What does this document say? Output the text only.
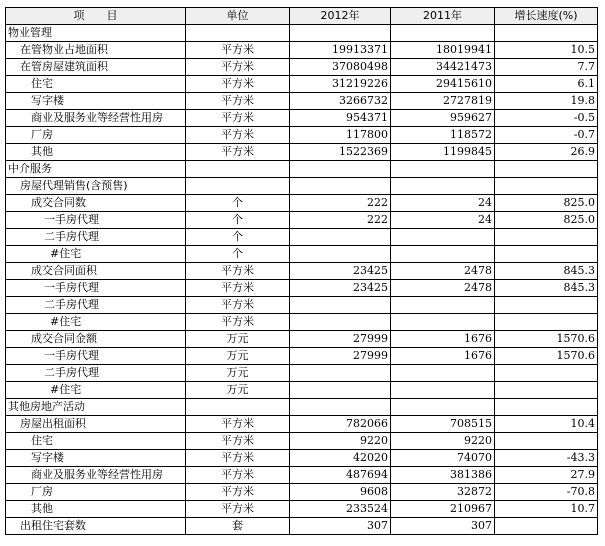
项　　目	单位	2012年	2011年	增长速度(%)
物业管理				
在管物业占地面积	平方米	19913371	18019941	10.5
在管房屋建筑面积	平方米	37080498	34421473	7.7
住宅	平方米	31219226	29415610	6.1
写字楼	平方米	3266732	2727819	19.8
商业及服务业等经营性用房	平方米	954371	959627	-0.5
厂房	平方米	117800	118572	-0.7
其他	平方米	1522369	1199845	26.9
中介服务				
房屋代理销售(含预售)				
成交合同数	个	222	24	825.0
一手房代理	个	222	24	825.0
二手房代理	个			
#住宅	个			
成交合同面积	平方米	23425	2478	845.3
一手房代理	平方米	23425	2478	845.3
二手房代理	平方米			
#住宅	平方米			
成交合同金额	万元	27999	1676	1570.6
一手房代理	万元	27999	1676	1570.6
二手房代理	万元			
#住宅	万元			
其他房地产活动				
房屋出租面积	平方米	782066	708515	10.4
住宅	平方米	9220	9220	
写字楼	平方米	42020	74070	-43.3
商业及服务业等经营性用房	平方米	487694	381386	27.9
厂房	平方米	9608	32872	-70.8
其他	平方米	233524	210967	10.7
出租住宅套数	套	307	307	
